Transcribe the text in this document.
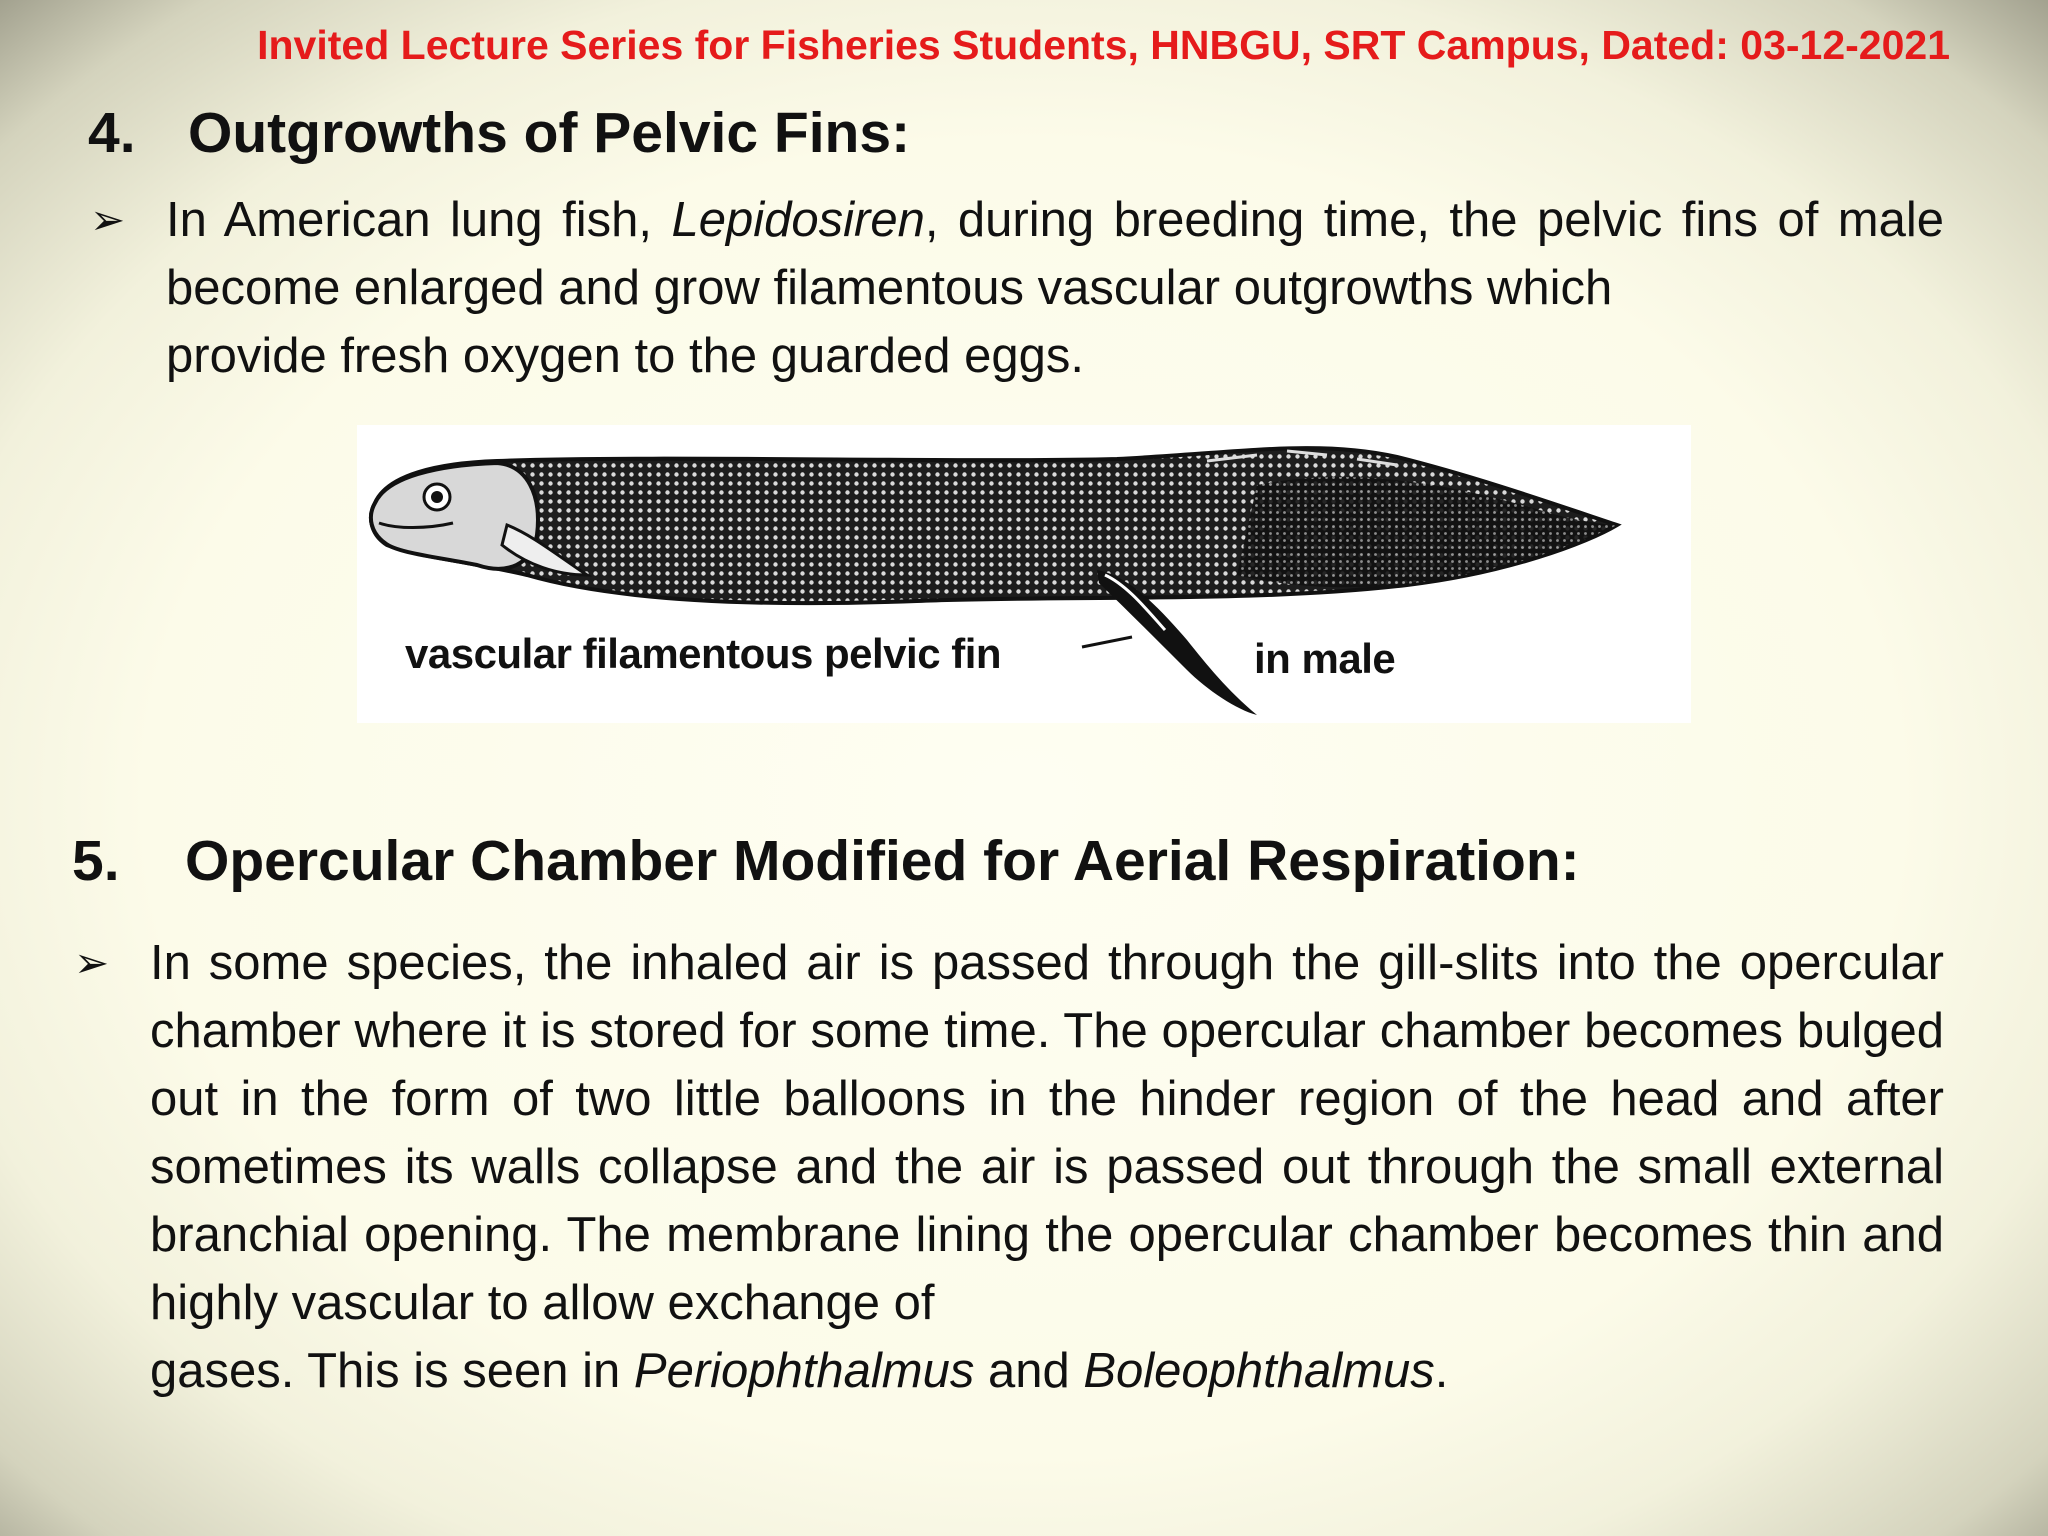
Invited Lecture Series for Fisheries Students, HNBGU, SRT Campus, Dated: 03-12-2021
4. Outgrowths of Pelvic Fins:
➢ In American lung fish, Lepidosiren, during breeding time, the pelvic fins of male become enlarged and grow filamentous vascular outgrowths which
provide fresh oxygen to the guarded eggs.
vascular filamentous pelvic fin	in male
5. Opercular Chamber Modified for Aerial Respiration:
➢ In some species, the inhaled air is passed through the gill-slits into the opercular chamber where it is stored for some time. The opercular chamber becomes bulged out in the form of two little balloons in the hinder region of the head and after sometimes its walls collapse and the air is passed out through the small external branchial opening. The membrane lining the opercular chamber becomes thin and highly vascular to allow exchange of
gases. This is seen in Periophthalmus and Boleophthalmus.
